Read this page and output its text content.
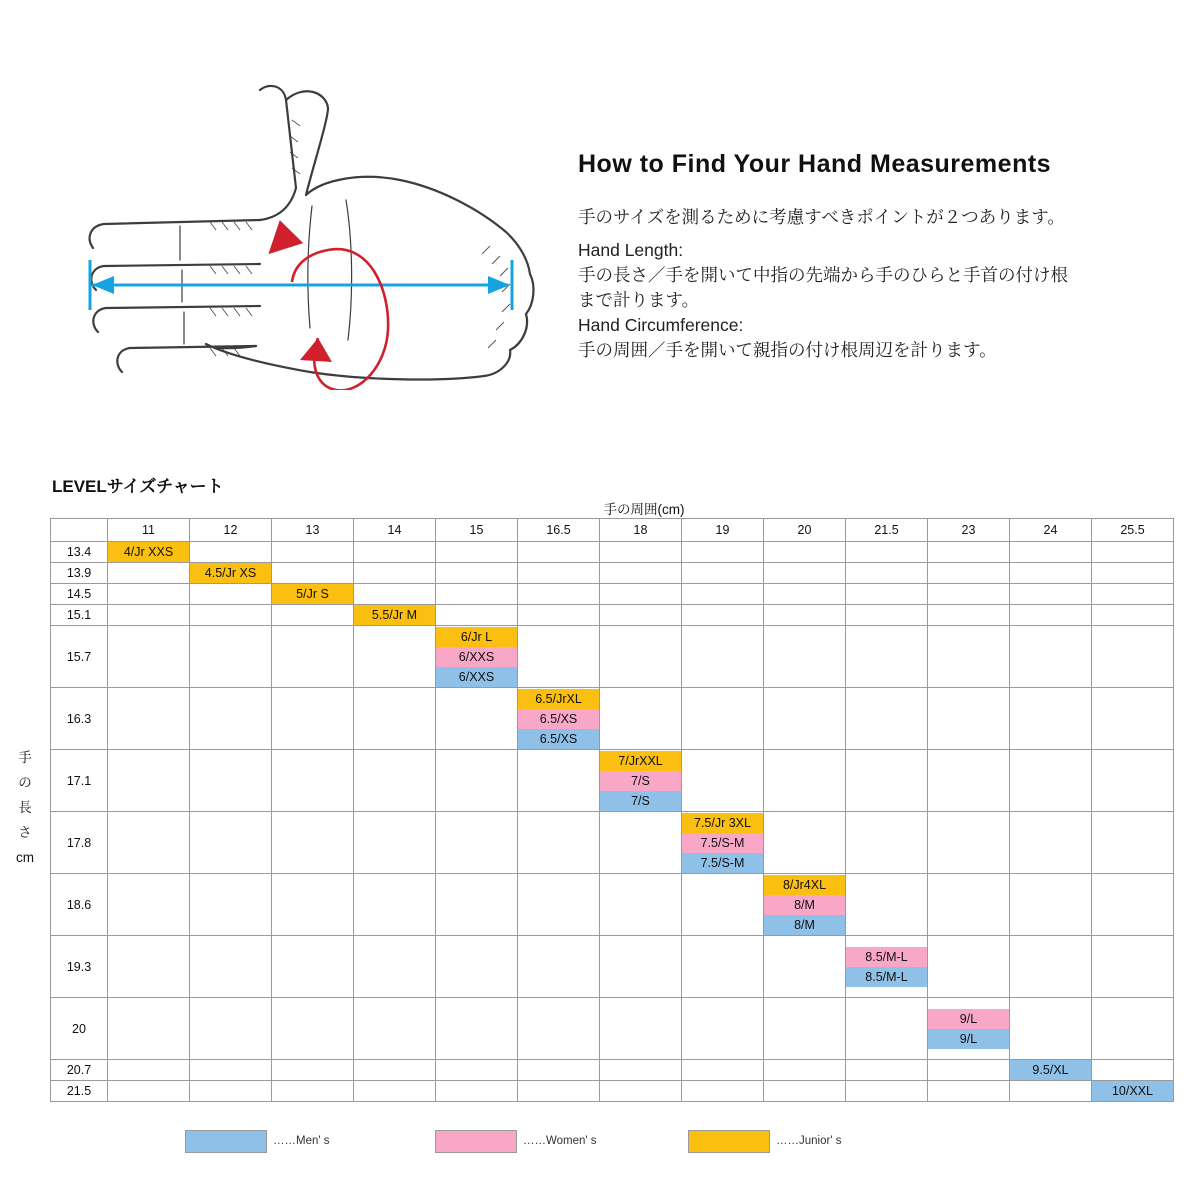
How to Find Your Hand Measurements
手のサイズを測るために考慮すべきポイントが２つあります。
Hand Length:
手の長さ／手を開いて中指の先端から手のひらと手首の付け根
まで計ります。
Hand Circumference:
手の周囲／手を開いて親指の付け根周辺を計ります。
LEVELサイズチャート
手の周囲(cm)
手の長さcm
	11	12	13	14	15	16.5	18	19	20	21.5	23	24	25.5
13.4	4/Jr XXS												

13.9		4.5/Jr XS											

14.5			5/Jr S										

15.1				5.5/Jr M									

15.7					6/Jr L
6/XXS
6/XXS								

16.3						6.5/JrXL
6.5/XS
6.5/XS							

17.1							7/JrXXL
7/S
7/S						

17.8								7.5/Jr 3XL
7.5/S-M
7.5/S-M					

18.6									8/Jr4XL
8/M
8/M				

19.3										8.5/M-L
8.5/M-L			

20											9/L
9/L		

20.7												9.5/XL	

21.5													10/XXL
……Men' s	……Women' s	……Junior' s
